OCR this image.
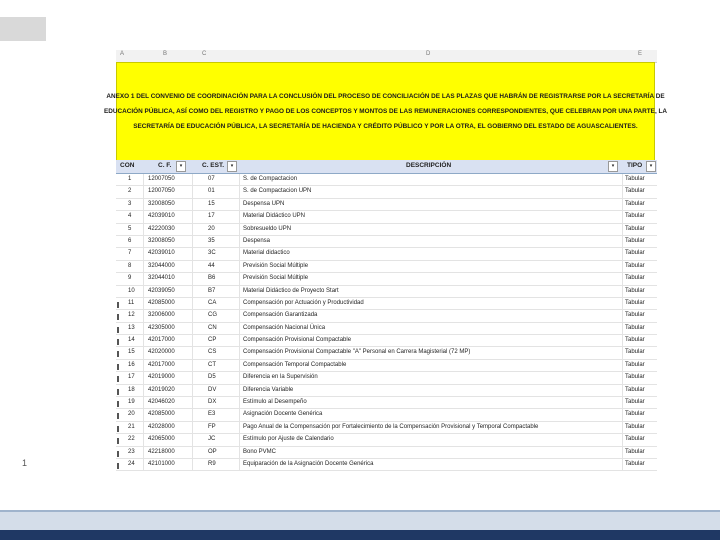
A	B	C	D	E
ANEXO 1 DEL CONVENIO DE COORDINACIÓN PARA LA CONCLUSIÓN DEL PROCESO DE CONCILIACIÓN DE LAS PLAZAS QUE HABRÁN DE REGISTRARSE POR LA SECRETARÍA DE
EDUCACIÓN PÚBLICA, ASÍ COMO DEL REGISTRO Y PAGO DE LOS CONCEPTOS Y MONTOS DE LAS REMUNERACIONES CORRESPONDIENTES, QUE CELEBRAN POR UNA PARTE, LA
SECRETARÍA DE EDUCACIÓN PÚBLICA, LA SECRETARÍA DE HACIENDA Y CRÉDITO PÚBLICO Y POR LA OTRA, EL GOBIERNO DEL ESTADO DE AGUASCALIENTES.
CON	C. F.	▾	C. EST.	▾	DESCRIPCIÓN	▾	TIPO	▾
1	12007050	07	S. de Compactacion	Tabular
2	12007050	01	S. de Compactacion UPN	Tabular
3	32008050	15	Despensa UPN	Tabular
4	42039010	17	Material Didáctico UPN	Tabular
5	42220030	20	Sobresueldo UPN	Tabular
6	32008050	35	Despensa	Tabular
7	42039010	3C	Material didactico	Tabular
8	32044000	44	Previsión Social Múltiple	Tabular
9	32044010	B6	Previsión Social Múltiple	Tabular
10 42039050	B7	Material Didáctico de Proyecto Start	Tabular
11 42085000	CA	Compensación por Actuación y Productividad	Tabular
12 32006000	CG	Compensación Garantizada	Tabular
13 42305000	CN	Compensación Nacional Única	Tabular
14 42017000	CP	Compensación Provisional Compactable	Tabular
15 42020000	CS	Compensación Provisional Compactable "A" Personal en Carrera Magisterial (72 MP)	Tabular
16 42017000	CT	Compensación Temporal Compactable	Tabular
17 42019000	D5	Diferencia en la Supervisión	Tabular
18 42019020	DV	Diferencia Variable	Tabular
19 42046020	DX	Estímulo al Desempeño	Tabular
20 42085000	E3	Asignación Docente Genérica	Tabular
21 42028000	FP	Pago Anual de la Compensación por Fortalecimiento de la Compensación Provisional y Temporal Compactable	Tabular
22 42065000	JC	Estímulo por Ajuste de Calendario	Tabular
23 42218000	OP	Bono PVMC	Tabular
24 42101000	R9	Equiparación de la Asignación Docente Genérica	Tabular
1
